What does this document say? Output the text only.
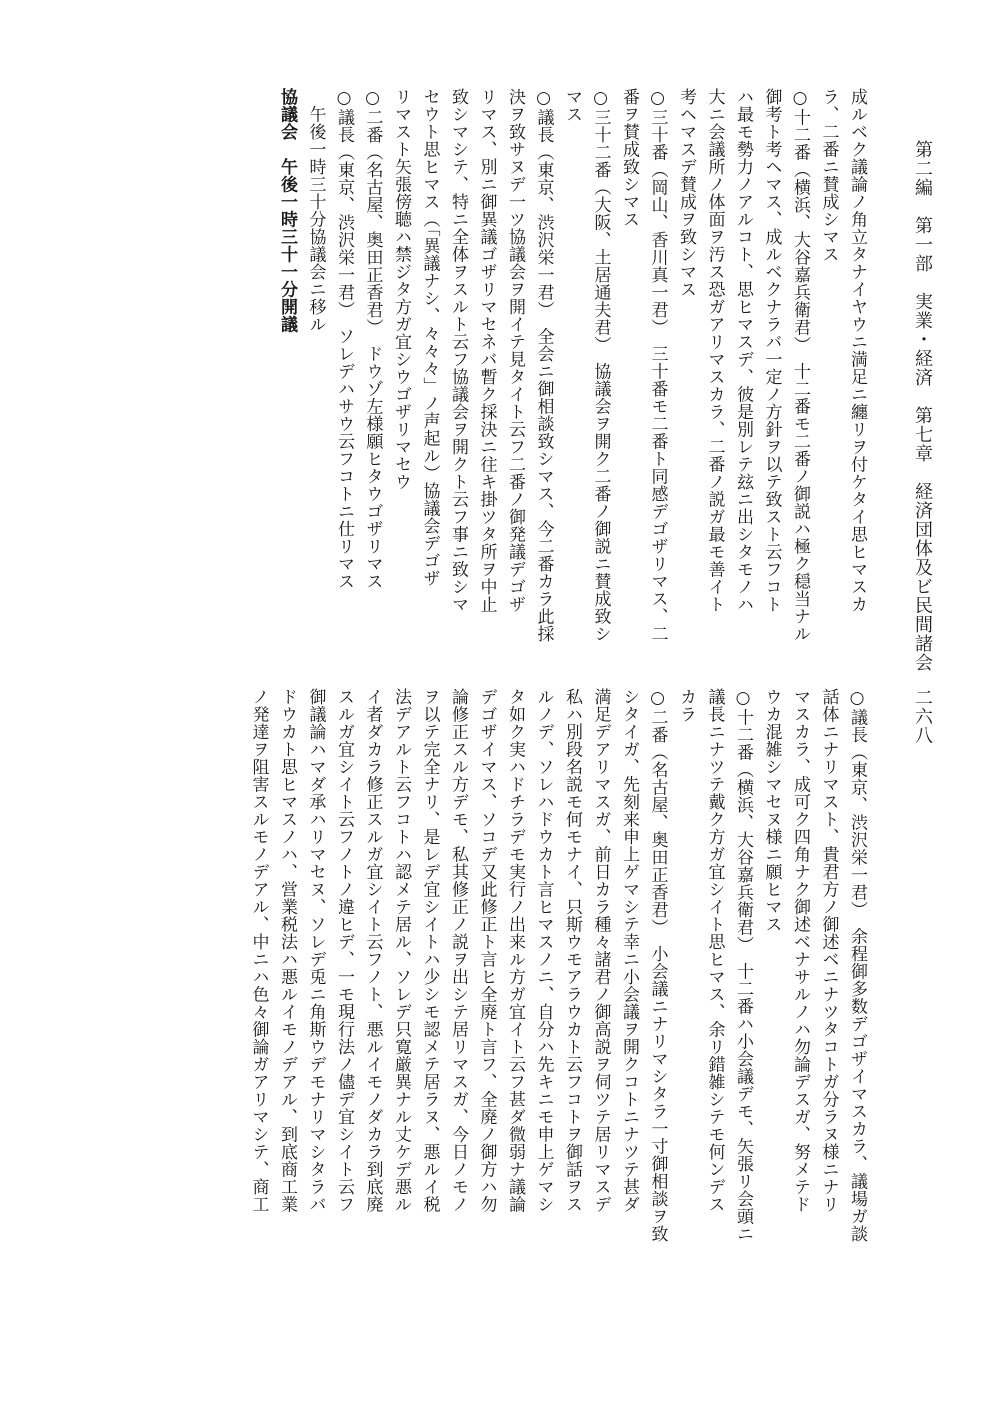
第二編　第一部　実業・経済　第七章　経済団体及ビ民間諸会
二六八
成ルベク議論ノ角立タナイヤウニ満足ニ纏リヲ付ケタイ思ヒマスカ
ラ、二番ニ賛成シマス
○十二番（横浜、大谷嘉兵衛君）　十二番モ二番ノ御説ハ極ク穏当ナル
御考ト考ヘマス、成ルベクナラバ一定ノ方針ヲ以テ致スト云フコト
ハ最モ勢力ノアルコト、思ヒマスデ、彼是別レテ玆ニ出シタモノハ
大ニ会議所ノ体面ヲ汚ス恐ガアリマスカラ、二番ノ説ガ最モ善イト
考ヘマスデ賛成ヲ致シマス
○三十番（岡山、香川真一君）　三十番モ二番ト同感デゴザリマス、二
番ヲ賛成致シマス
○三十二番（大阪、土居通夫君）　協議会ヲ開ク二番ノ御説ニ賛成致シ
マス
○議長（東京、渋沢栄一君）　全会ニ御相談致シマス、今二番カラ此採
決ヲ致サヌデ一ツ協議会ヲ開イテ見タイト云フ二番ノ御発議デゴザ
リマス、別ニ御異議ゴザリマセネバ暫ク採決ニ往キ掛ツタ所ヲ中止
致シマシテ、特ニ全体ヲスルト云フ協議会ヲ開クト云フ事ニ致シマ
セウト思ヒマス（「異議ナシ、々々々」ノ声起ル）協議会デゴザ
リマスト矢張傍聴ハ禁ジタ方ガ宜シウゴザリマセウ
○二番（名古屋、奥田正香君）　ドウゾ左様願ヒタウゴザリマス
○議長（東京、渋沢栄一君）　ソレデハサウ云フコトニ仕リマス
　午後一時三十分協議会ニ移ル
協議会　午後一時三十一分開議
○議長（東京、渋沢栄一君）　余程御多数デゴザイマスカラ、議場ガ談
話体ニナリマスト、貴君方ノ御述ベニナツタコトガ分ラヌ様ニナリ
マスカラ、成可ク四角ナク御述ベナサルノハ勿論デスガ、努メテド
ウカ混雑シマセヌ様ニ願ヒマス
○十二番（横浜、大谷嘉兵衛君）　十二番ハ小会議デモ、矢張リ会頭ニ
議長ニナツテ戴ク方ガ宜シイト思ヒマス、余リ錯雑シテモ何ンデス
カラ
○二番（名古屋、奥田正香君）　小会議ニナリマシタラ一寸御相談ヲ致
シタイガ、先刻来申上ゲマシテ幸ニ小会議ヲ開クコトニナツテ甚ダ
満足デアリマスガ、前日カラ種々諸君ノ御高説ヲ伺ツテ居リマスデ
私ハ別段名説モ何モナイ、只斯ウモアラウカト云フコトヲ御話ヲス
ルノデ、ソレハドウカト言ヒマスノニ、自分ハ先キニモ申上ゲマシ
タ如ク実ハドチラデモ実行ノ出来ル方ガ宜イト云フ甚ダ微弱ナ議論
デゴザイマス、ソコデ又此修正ト言ヒ全廃ト言フ、全廃ノ御方ハ勿
論修正スル方デモ、私其修正ノ説ヲ出シテ居リマスガ、今日ノモノ
ヲ以テ完全ナリ、是レデ宜シイトハ少シモ認メテ居ラヌ、悪ルイ税
法デアルト云フコトハ認メテ居ル、ソレデ只寛厳異ナル丈ケデ悪ル
イ者ダカラ修正スルガ宜シイト云フノト、悪ルイモノダカラ到底廃
スルガ宜シイト云フノトノ違ヒデ、一モ現行法ノ儘デ宜シイト云フ
御議論ハマダ承ハリマセヌ、ソレデ兎ニ角斯ウデモナリマシタラバ
ドウカト思ヒマスノハ、営業税法ハ悪ルイモノデアル、到底商工業
ノ発達ヲ阻害スルモノデアル、中ニハ色々御論ガアリマシテ、商工
